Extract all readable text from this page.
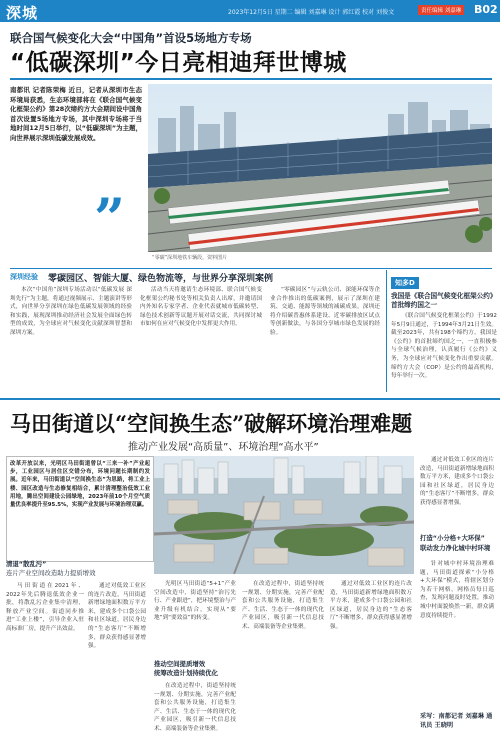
深城	2023年12月5日 星期二 编辑 刘嘉琳 设计 郭红霞 校对 刘俊文	责任编辑 刘嘉琳 B02
联合国气候变化大会“中国角”首设5场地方专场
“低碳深圳”今日亮相迪拜世博城
南都讯 记者陈荣梅 近日，记者从深圳市生态环境局获悉，生态环境部将在《联合国气候变化框架公约》第28次缔约方大会期间设中国角首次设置5场地方专场，其中深圳专场将于当地时间12月5日举行，以“低碳深圳”为主题，向世界展示深圳低碳发展成效。
”
“零碳”深圳地铁车辆段。资料图片
深圳经验 零碳园区、智能大厦、绿色物流等，与世界分享深圳案例

本次“中国角”深圳专场活动以“低碳发展 深圳先行”为主题，将通过视频展示、主题演讲等形式，向世界分享深圳在绿色低碳发展领域的经验和实践，展现深圳推动经济社会发展全面绿色转型的成效，为全球应对气候变化贡献深圳智慧和深圳方案。

活动当天将邀请生态环境部、联合国气候变化框架公约秘书处等相关负责人出席，并邀请国内外知名专家学者、企业代表就城市低碳转型、绿色技术创新等议题开展对话交流，共同探讨城市如何在应对气候变化中发挥更大作用。

“零碳园区”与云轨公司、深能环保等企业合作推出的低碳案例，展示了深圳在建筑、交通、能源等领域的减碳成果。深圳还将介绍碳普惠体系建设、近零碳排放区试点等创新做法，与各国分享城市绿色发展的经验。

知多D
我国是《联合国气候变化框架公约》首批缔约国之一

《联合国气候变化框架公约》于1992年5月9日通过，于1994年3月21日生效。截至2023年，共有198个缔约方。我国是《公约》的首批缔约国之一，一直积极参与全球气候治理，认真履行《公约》义务，为全球应对气候变化作出重要贡献。缔约方大会（COP）是公约的最高机构，每年举行一次。

马田街道以“空间换生态”破解环境治理难题
推动产业发展“高质量”、环境治理“高水平”
改革开放以来，光明区马田街道曾以“三来一补”产业起步，工业园区与居住区交错分布，环境问题长期制约发展。近年来，马田街道以“空间换生态”为思路，将工业上楼、园区改造与生态修复相结合，累计清理整治低效工业用地，腾出空间建设公园绿地，2023年前10个月空气质量优良率提升至95.5%，实现产业发展与环境治理双赢。
清退“散乱污”
连片产业空间改造助力提质增效

马田街道在2021年、2022年先后腾退低效企业一批，将散乱污企业集中清理，释放产业空间。街道同步推进“工业上楼”，引导企业入驻高标准厂房，提升产出效益。

通过对低效工业区的连片改造，马田街道新增绿地面积数万平方米，建成多个口袋公园和社区绿道，居民身边的“生态客厅”不断增多，群众获得感显著增强。

光明区马田街道“5+1”产业空间改造中，街道坚持“治污先行、产业跟进”，把环境整治与产业升级有机结合，实现从“要地”到“要效益”的转变。

推动空间提质增效
统筹改造计划持续优化

在改造过程中，街道坚持统一规划、分期实施，完善产业配套和公共服务设施，打造集生产、生活、生态于一体的现代化产业园区，吸引新一代信息技术、高端装备等企业集聚。

在改造过程中，街道坚持统一规划、分期实施，完善产业配套和公共服务设施，打造集生产、生活、生态于一体的现代化产业园区，吸引新一代信息技术、高端装备等企业集聚。

通过对低效工业区的连片改造，马田街道新增绿地面积数万平方米，建成多个口袋公园和社区绿道，居民身边的“生态客厅”不断增多，群众获得感显著增强。

通过对低效工业区的连片改造，马田街道新增绿地面积数万平方米，建成多个口袋公园和社区绿道，居民身边的“生态客厅”不断增多，群众获得感显著增强。

打造“小分格+大环保”
联动发力净化城中村环境

针对城中村环境治理难题，马田街道探索“小分格+大环保”模式，将辖区划分为若干网格，网格员每日巡查，发现问题及时处置，推动城中村面貌焕然一新，群众满意度持续提升。

采写：南都记者 刘嘉琳 通讯员 王晓明
